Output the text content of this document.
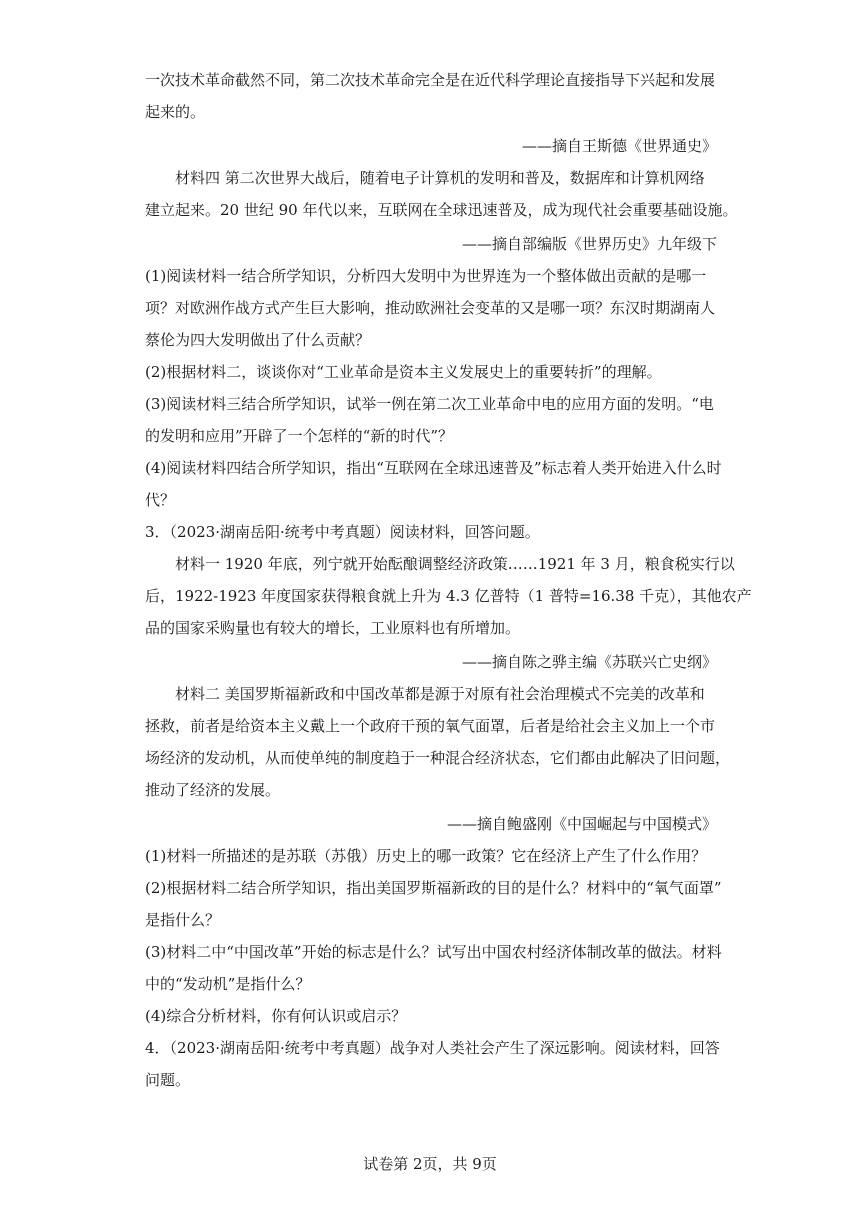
一次技术革命截然不同，第二次技术革命完全是在近代科学理论直接指导下兴起和发展

起来的。

——摘自王斯德《世界通史》

材料四 第二次世界大战后，随着电子计算机的发明和普及，数据库和计算机网络

建立起来。20 世纪 90 年代以来，互联网在全球迅速普及，成为现代社会重要基础设施。

——摘自部编版《世界历史》九年级下

(1)阅读材料一结合所学知识，分析四大发明中为世界连为一个整体做出贡献的是哪一

项？对欧洲作战方式产生巨大影响，推动欧洲社会变革的又是哪一项？东汉时期湖南人

蔡伦为四大发明做出了什么贡献？

(2)根据材料二，谈谈你对“工业革命是资本主义发展史上的重要转折”的理解。

(3)阅读材料三结合所学知识，试举一例在第二次工业革命中电的应用方面的发明。“电

的发明和应用”开辟了一个怎样的“新的时代”？

(4)阅读材料四结合所学知识，指出“互联网在全球迅速普及”标志着人类开始进入什么时

代？

3．（2023·湖南岳阳·统考中考真题）阅读材料，回答问题。

材料一 1920 年底，列宁就开始酝酿调整经济政策……1921 年 3 月，粮食税实行以

后，1922-1923 年度国家获得粮食就上升为 4.3 亿普特（1 普特=16.38 千克），其他农产

品的国家采购量也有较大的增长，工业原料也有所增加。

——摘自陈之骅主编《苏联兴亡史纲》

材料二 美国罗斯福新政和中国改革都是源于对原有社会治理模式不完美的改革和

拯救，前者是给资本主义戴上一个政府干预的氧气面罩，后者是给社会主义加上一个市

场经济的发动机，从而使单纯的制度趋于一种混合经济状态，它们都由此解决了旧问题，

推动了经济的发展。

——摘自鲍盛刚《中国崛起与中国模式》

(1)材料一所描述的是苏联（苏俄）历史上的哪一政策？它在经济上产生了什么作用？

(2)根据材料二结合所学知识，指出美国罗斯福新政的目的是什么？材料中的“氧气面罩”

是指什么？

(3)材料二中“中国改革”开始的标志是什么？试写出中国农村经济体制改革的做法。材料

中的“发动机”是指什么？

(4)综合分析材料，你有何认识或启示？

4．（2023·湖南岳阳·统考中考真题）战争对人类社会产生了深远影响。阅读材料，回答

问题。

试卷第 2页，共 9页
